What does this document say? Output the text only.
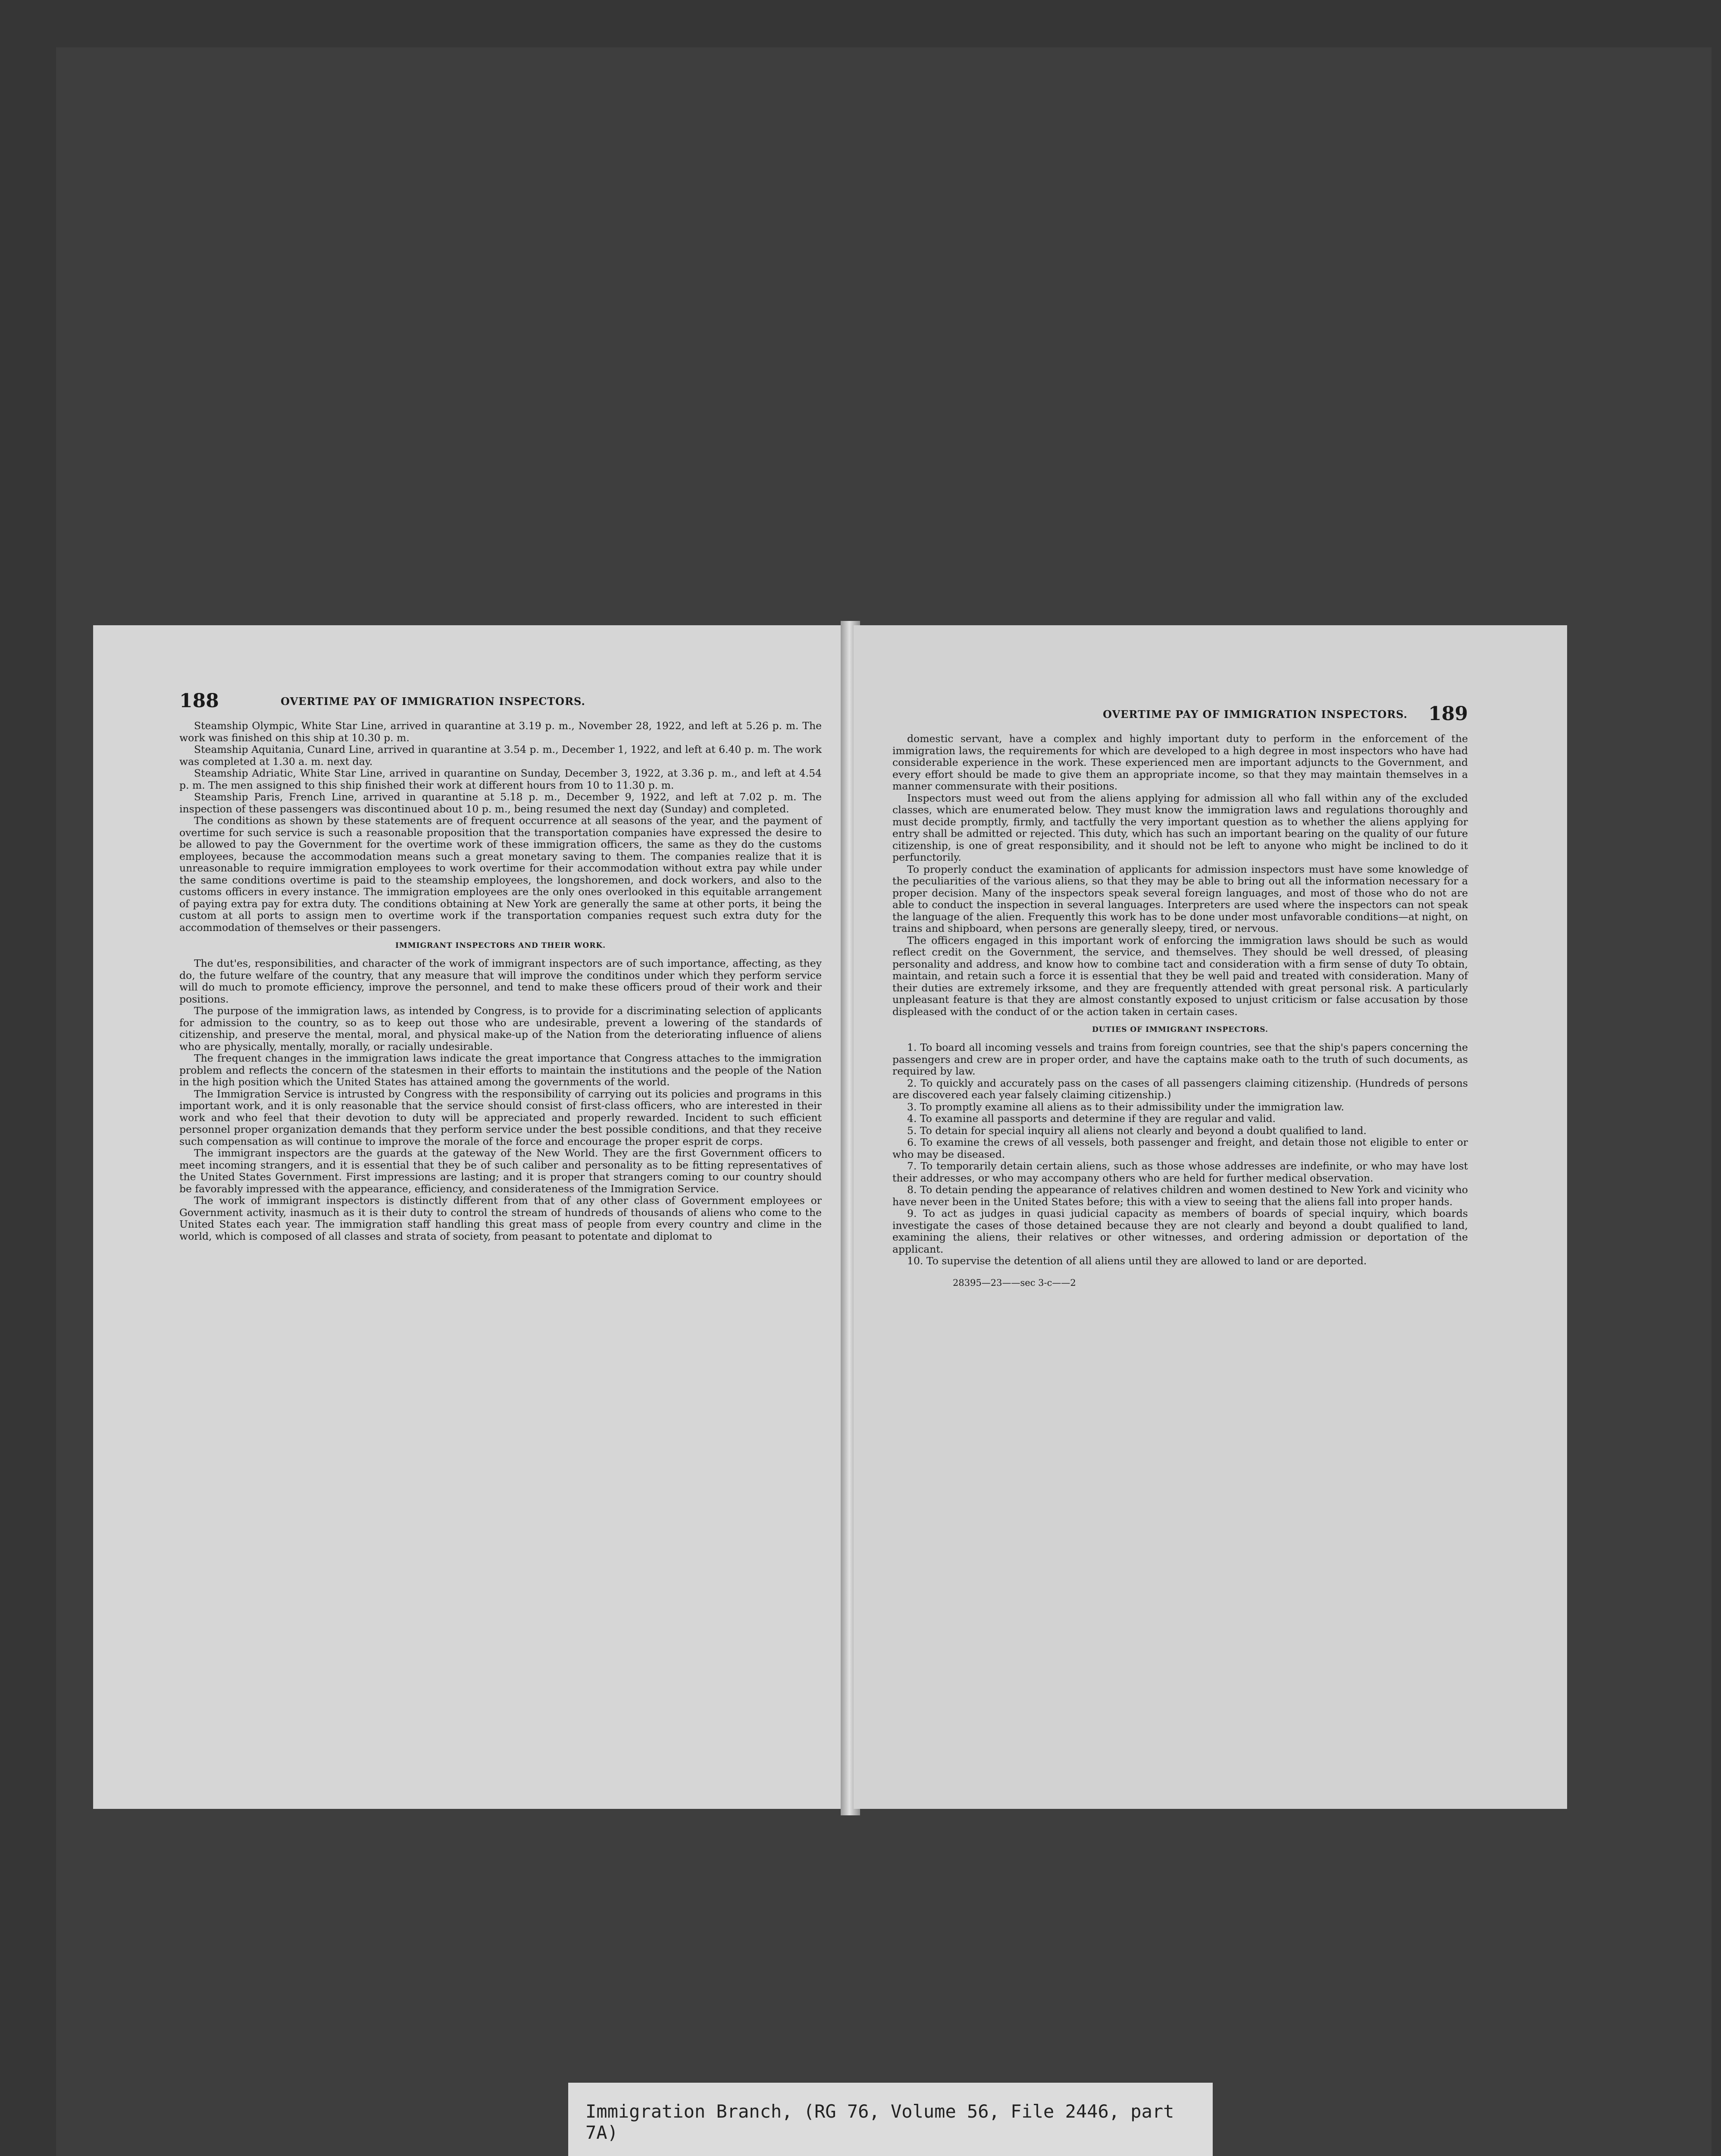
188	OVERTIME PAY OF IMMIGRATION INSPECTORS.

Steamship Olympic, White Star Line, arrived in quarantine at 3.19 p. m., November 28, 1922, and left at 5.26 p. m. The work was finished on this ship at 10.30 p. m.

Steamship Aquitania, Cunard Line, arrived in quarantine at 3.54 p. m., December 1, 1922, and left at 6.40 p. m. The work was completed at 1.30 a. m. next day.

Steamship Adriatic, White Star Line, arrived in quarantine on Sunday, December 3, 1922, at 3.36 p. m., and left at 4.54 p. m. The men assigned to this ship finished their work at different hours from 10 to 11.30 p. m.

Steamship Paris, French Line, arrived in quarantine at 5.18 p. m., December 9, 1922, and left at 7.02 p. m. The inspection of these passengers was discontinued about 10 p. m., being resumed the next day (Sunday) and completed.

The conditions as shown by these statements are of frequent occurrence at all seasons of the year, and the payment of overtime for such service is such a reasonable proposition that the transportation companies have expressed the desire to be allowed to pay the Government for the overtime work of these immigration officers, the same as they do the customs employees, because the accommodation means such a great monetary saving to them. The companies realize that it is unreasonable to require immigration employees to work overtime for their accommodation without extra pay while under the same conditions overtime is paid to the steamship employees, the longshoremen, and dock workers, and also to the customs officers in every instance. The immigration employees are the only ones overlooked in this equitable arrangement of paying extra pay for extra duty. The conditions obtaining at New York are generally the same at other ports, it being the custom at all ports to assign men to overtime work if the transportation companies request such extra duty for the accommodation of themselves or their passengers.

IMMIGRANT INSPECTORS AND THEIR WORK.

The dut'es, responsibilities, and character of the work of immigrant inspectors are of such importance, affecting, as they do, the future welfare of the country, that any measure that will improve the conditinos under which they perform service will do much to promote efficiency, improve the personnel, and tend to make these officers proud of their work and their positions.

The purpose of the immigration laws, as intended by Congress, is to provide for a discriminating selection of applicants for admission to the country, so as to keep out those who are undesirable, prevent a lowering of the standards of citizenship, and preserve the mental, moral, and physical make-up of the Nation from the deteriorating influence of aliens who are physically, mentally, morally, or racially undesirable.

The frequent changes in the immigration laws indicate the great importance that Congress attaches to the immigration problem and reflects the concern of the statesmen in their efforts to maintain the institutions and the people of the Nation in the high position which the United States has attained among the governments of the world.

The Immigration Service is intrusted by Congress with the responsibility of carrying out its policies and programs in this important work, and it is only reasonable that the service should consist of first-class officers, who are interested in their work and who feel that their devotion to duty will be appreciated and properly rewarded. Incident to such efficient personnel proper organization demands that they perform service under the best possible conditions, and that they receive such compensation as will continue to improve the morale of the force and encourage the proper esprit de corps.

The immigrant inspectors are the guards at the gateway of the New World. They are the first Government officers to meet incoming strangers, and it is essential that they be of such caliber and personality as to be fitting representatives of the United States Government. First impressions are lasting; and it is proper that strangers coming to our country should be favorably impressed with the appearance, efficiency, and considerateness of the Immigration Service.

The work of immigrant inspectors is distinctly different from that of any other class of Government employees or Government activity, inasmuch as it is their duty to control the stream of hundreds of thousands of aliens who come to the United States each year. The immigration staff handling this great mass of people from every country and clime in the world, which is composed of all classes and strata of society, from peasant to potentate and diplomat to

OVERTIME PAY OF IMMIGRATION INSPECTORS. 189

domestic servant, have a complex and highly important duty to perform in the enforcement of the immigration laws, the requirements for which are developed to a high degree in most inspectors who have had considerable experience in the work. These experienced men are important adjuncts to the Government, and every effort should be made to give them an appropriate income, so that they may maintain themselves in a manner commensurate with their positions.

Inspectors must weed out from the aliens applying for admission all who fall within any of the excluded classes, which are enumerated below. They must know the immigration laws and regulations thoroughly and must decide promptly, firmly, and tactfully the very important question as to whether the aliens applying for entry shall be admitted or rejected. This duty, which has such an important bearing on the quality of our future citizenship, is one of great responsibility, and it should not be left to anyone who might be inclined to do it perfunctorily.

To properly conduct the examination of applicants for admission inspectors must have some knowledge of the peculiarities of the various aliens, so that they may be able to bring out all the information necessary for a proper decision. Many of the inspectors speak several foreign languages, and most of those who do not are able to conduct the inspection in several languages. Interpreters are used where the inspectors can not speak the language of the alien. Frequently this work has to be done under most unfavorable conditions—at night, on trains and shipboard, when persons are generally sleepy, tired, or nervous.

The officers engaged in this important work of enforcing the immigration laws should be such as would reflect credit on the Government, the service, and themselves. They should be well dressed, of pleasing personality and address, and know how to combine tact and consideration with a firm sense of duty To obtain, maintain, and retain such a force it is essential that they be well paid and treated with consideration. Many of their duties are extremely irksome, and they are frequently attended with great personal risk. A particularly unpleasant feature is that they are almost constantly exposed to unjust criticism or false accusation by those displeased with the conduct of or the action taken in certain cases.

DUTIES OF IMMIGRANT INSPECTORS.

1. To board all incoming vessels and trains from foreign countries, see that the ship's papers concerning the passengers and crew are in proper order, and have the captains make oath to the truth of such documents, as required by law.

2. To quickly and accurately pass on the cases of all passengers claiming citizenship. (Hundreds of persons are discovered each year falsely claiming citizenship.)

3. To promptly examine all aliens as to their admissibility under the immigration law.

4. To examine all passports and determine if they are regular and valid.

5. To detain for special inquiry all aliens not clearly and beyond a doubt qualified to land.

6. To examine the crews of all vessels, both passenger and freight, and detain those not eligible to enter or who may be diseased.

7. To temporarily detain certain aliens, such as those whose addresses are indefinite, or who may have lost their addresses, or who may accompany others who are held for further medical observation.

8. To detain pending the appearance of relatives children and women destined to New York and vicinity who have never been in the United States before; this with a view to seeing that the aliens fall into proper hands.

9. To act as judges in quasi judicial capacity as members of boards of special inquiry, which boards investigate the cases of those detained because they are not clearly and beyond a doubt qualified to land, examining the aliens, their relatives or other witnesses, and ordering admission or deportation of the applicant.

10. To supervise the detention of all aliens until they are allowed to land or are deported.

28395—23——sec 3-c——2
Immigration Branch, (RG 76, Volume 56, File 2446, part 7A)
